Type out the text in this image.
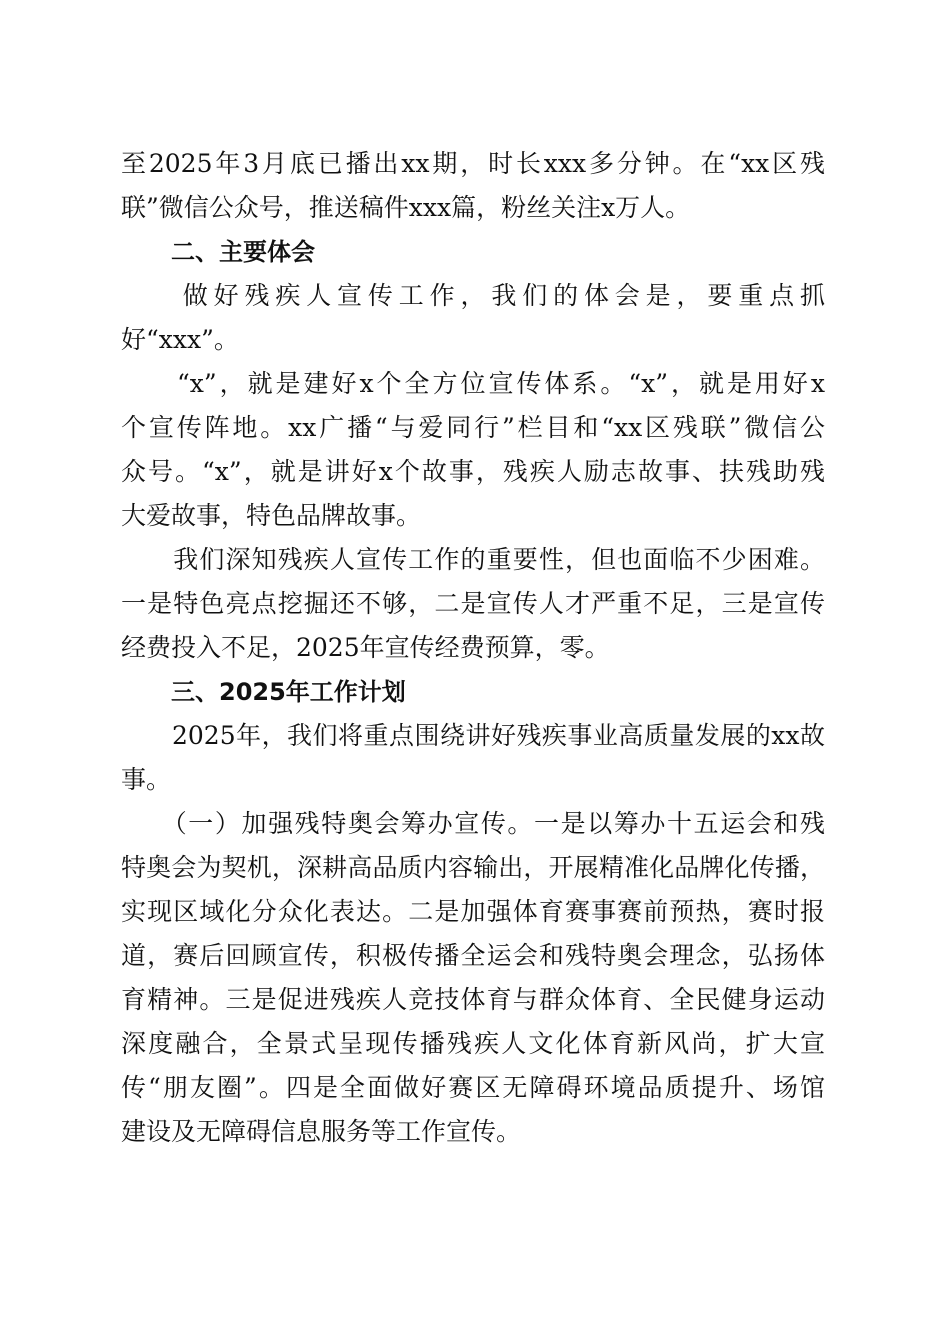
至2025年3月底已播出xx期，时长xxx多分钟。在“xx区残
联”微信公众号，推送稿件xxx篇，粉丝关注x万人。
二、主要体会
　　做好残疾人宣传工作，我们的体会是，要重点抓
好“xxx”。
　　“x”，就是建好x个全方位宣传体系。“x”，就是用好x
个宣传阵地。xx广播“与爱同行”栏目和“xx区残联”微信公
众号。“x”，就是讲好x个故事，残疾人励志故事、扶残助残
大爱故事，特色品牌故事。
　　我们深知残疾人宣传工作的重要性，但也面临不少困难。
一是特色亮点挖掘还不够，二是宣传人才严重不足，三是宣传
经费投入不足，2025年宣传经费预算，零。
三、2025年工作计划
　　2025年，我们将重点围绕讲好残疾事业高质量发展的xx故
事。
　　（一）加强残特奥会筹办宣传。一是以筹办十五运会和残
特奥会为契机，深耕高品质内容输出，开展精准化品牌化传播，
实现区域化分众化表达。二是加强体育赛事赛前预热，赛时报
道，赛后回顾宣传，积极传播全运会和残特奥会理念，弘扬体
育精神。三是促进残疾人竞技体育与群众体育、全民健身运动
深度融合，全景式呈现传播残疾人文化体育新风尚，扩大宣
传“朋友圈”。四是全面做好赛区无障碍环境品质提升、场馆
建设及无障碍信息服务等工作宣传。
